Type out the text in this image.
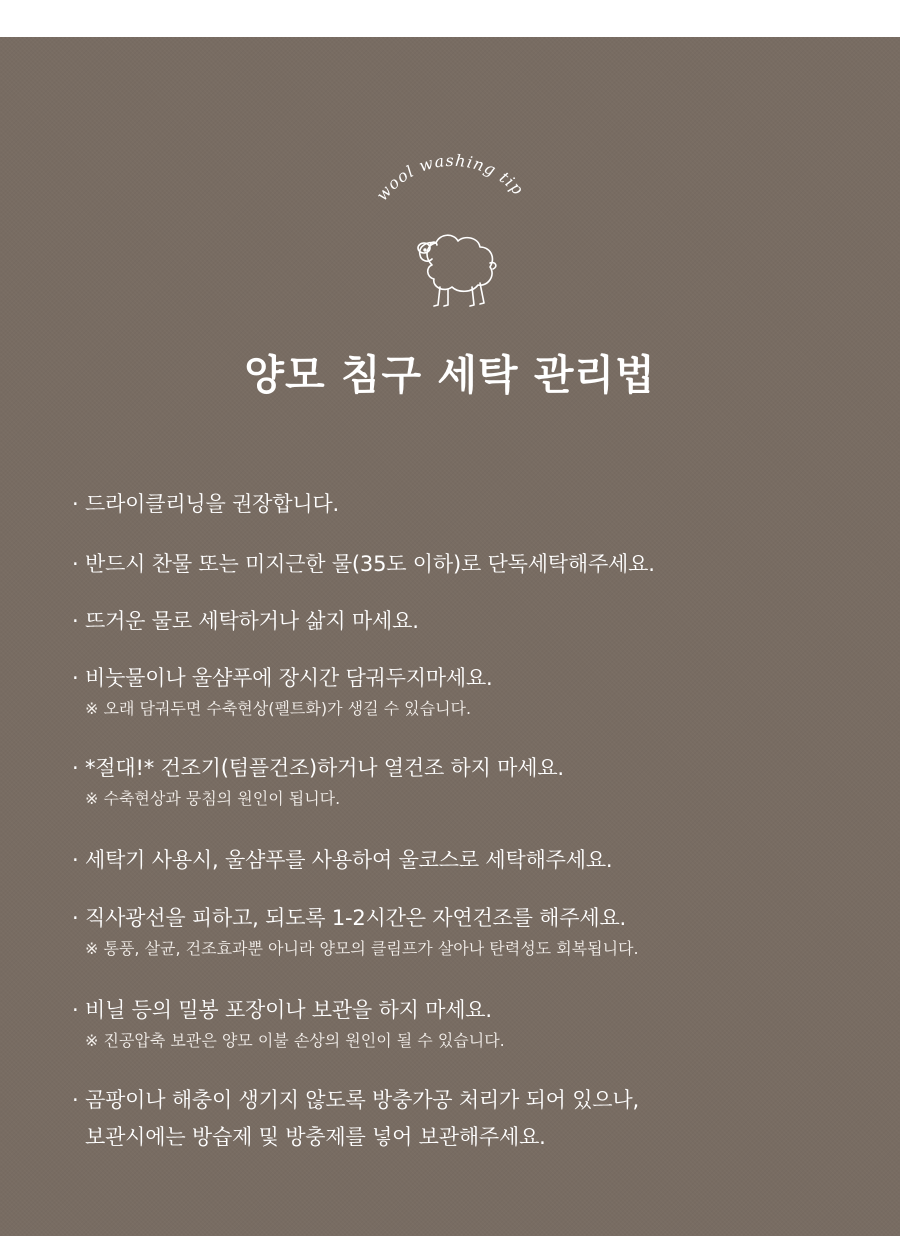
wool washing tip
양모 침구 세탁 관리법
· 드라이클리닝을 권장합니다.
· 반드시 찬물 또는 미지근한 물(35도 이하)로 단독세탁해주세요.
· 뜨거운 물로 세탁하거나 삶지 마세요.
· 비눗물이나 울샴푸에 장시간 담궈두지마세요.
※ 오래 담궈두면 수축현상(펠트화)가 생길 수 있습니다.
· *절대!* 건조기(텀플건조)하거나 열건조 하지 마세요.
※ 수축현상과 뭉침의 원인이 됩니다.
· 세탁기 사용시, 울샴푸를 사용하여 울코스로 세탁해주세요.
· 직사광선을 피하고, 되도록 1-2시간은 자연건조를 해주세요.
※ 통풍, 살균, 건조효과뿐 아니라 양모의 클림프가 살아나 탄력성도 회복됩니다.
· 비닐 등의 밀봉 포장이나 보관을 하지 마세요.
※ 진공압축 보관은 양모 이불 손상의 원인이 될 수 있습니다.
· 곰팡이나 해충이 생기지 않도록 방충가공 처리가 되어 있으나,
보관시에는 방습제 및 방충제를 넣어 보관해주세요.
